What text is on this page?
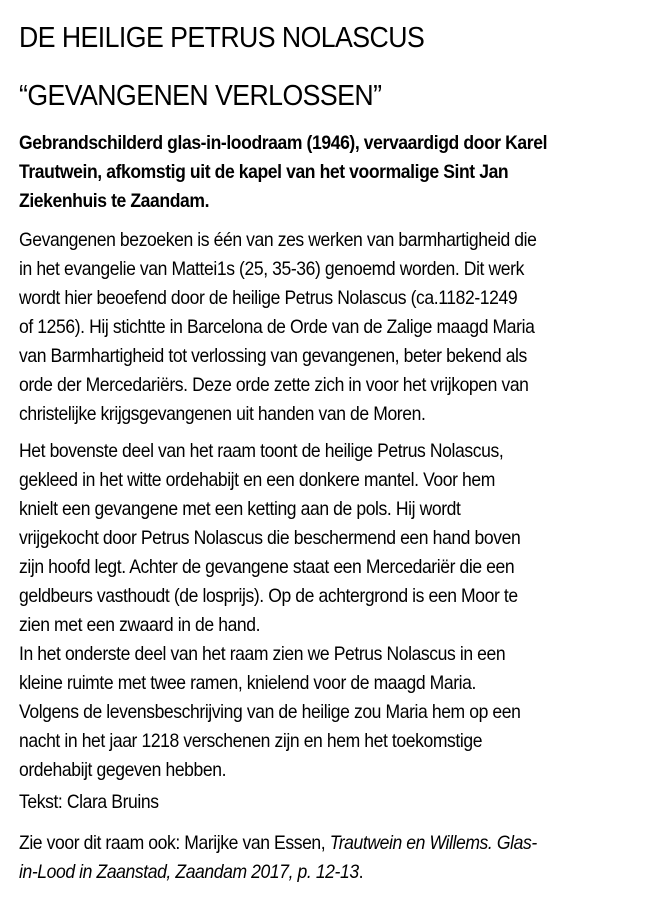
DE HEILIGE PETRUS NOLASCUS
“GEVANGENEN VERLOSSEN”
Gebrandschilderd glas-in-loodraam (1946), vervaardigd door Karel
Trautwein, afkomstig uit de kapel van het voormalige Sint Jan
Ziekenhuis te Zaandam.
Gevangenen bezoeken is één van zes werken van barmhartigheid die
in het evangelie van Mattei1s (25, 35-36) genoemd worden. Dit werk
wordt hier beoefend door de heilige Petrus Nolascus (ca.1182-1249
of 1256). Hij stichtte in Barcelona de Orde van de Zalige maagd Maria
van Barmhartigheid tot verlossing van gevangenen, beter bekend als
orde der Mercedariërs. Deze orde zette zich in voor het vrijkopen van
christelijke krijgsgevangenen uit handen van de Moren.
Het bovenste deel van het raam toont de heilige Petrus Nolascus,
gekleed in het witte ordehabijt en een donkere mantel. Voor hem
knielt een gevangene met een ketting aan de pols. Hij wordt
vrijgekocht door Petrus Nolascus die beschermend een hand boven
zijn hoofd legt. Achter de gevangene staat een Mercedariër die een
geldbeurs vasthoudt (de losprijs). Op de achtergrond is een Moor te
zien met een zwaard in de hand.
In het onderste deel van het raam zien we Petrus Nolascus in een
kleine ruimte met twee ramen, knielend voor de maagd Maria.
Volgens de levensbeschrijving van de heilige zou Maria hem op een
nacht in het jaar 1218 verschenen zijn en hem het toekomstige
ordehabijt gegeven hebben.
Tekst: Clara Bruins
Zie voor dit raam ook: Marijke van Essen, Trautwein en Willems. Glas-
in-Lood in Zaanstad, Zaandam 2017, p. 12-13.
